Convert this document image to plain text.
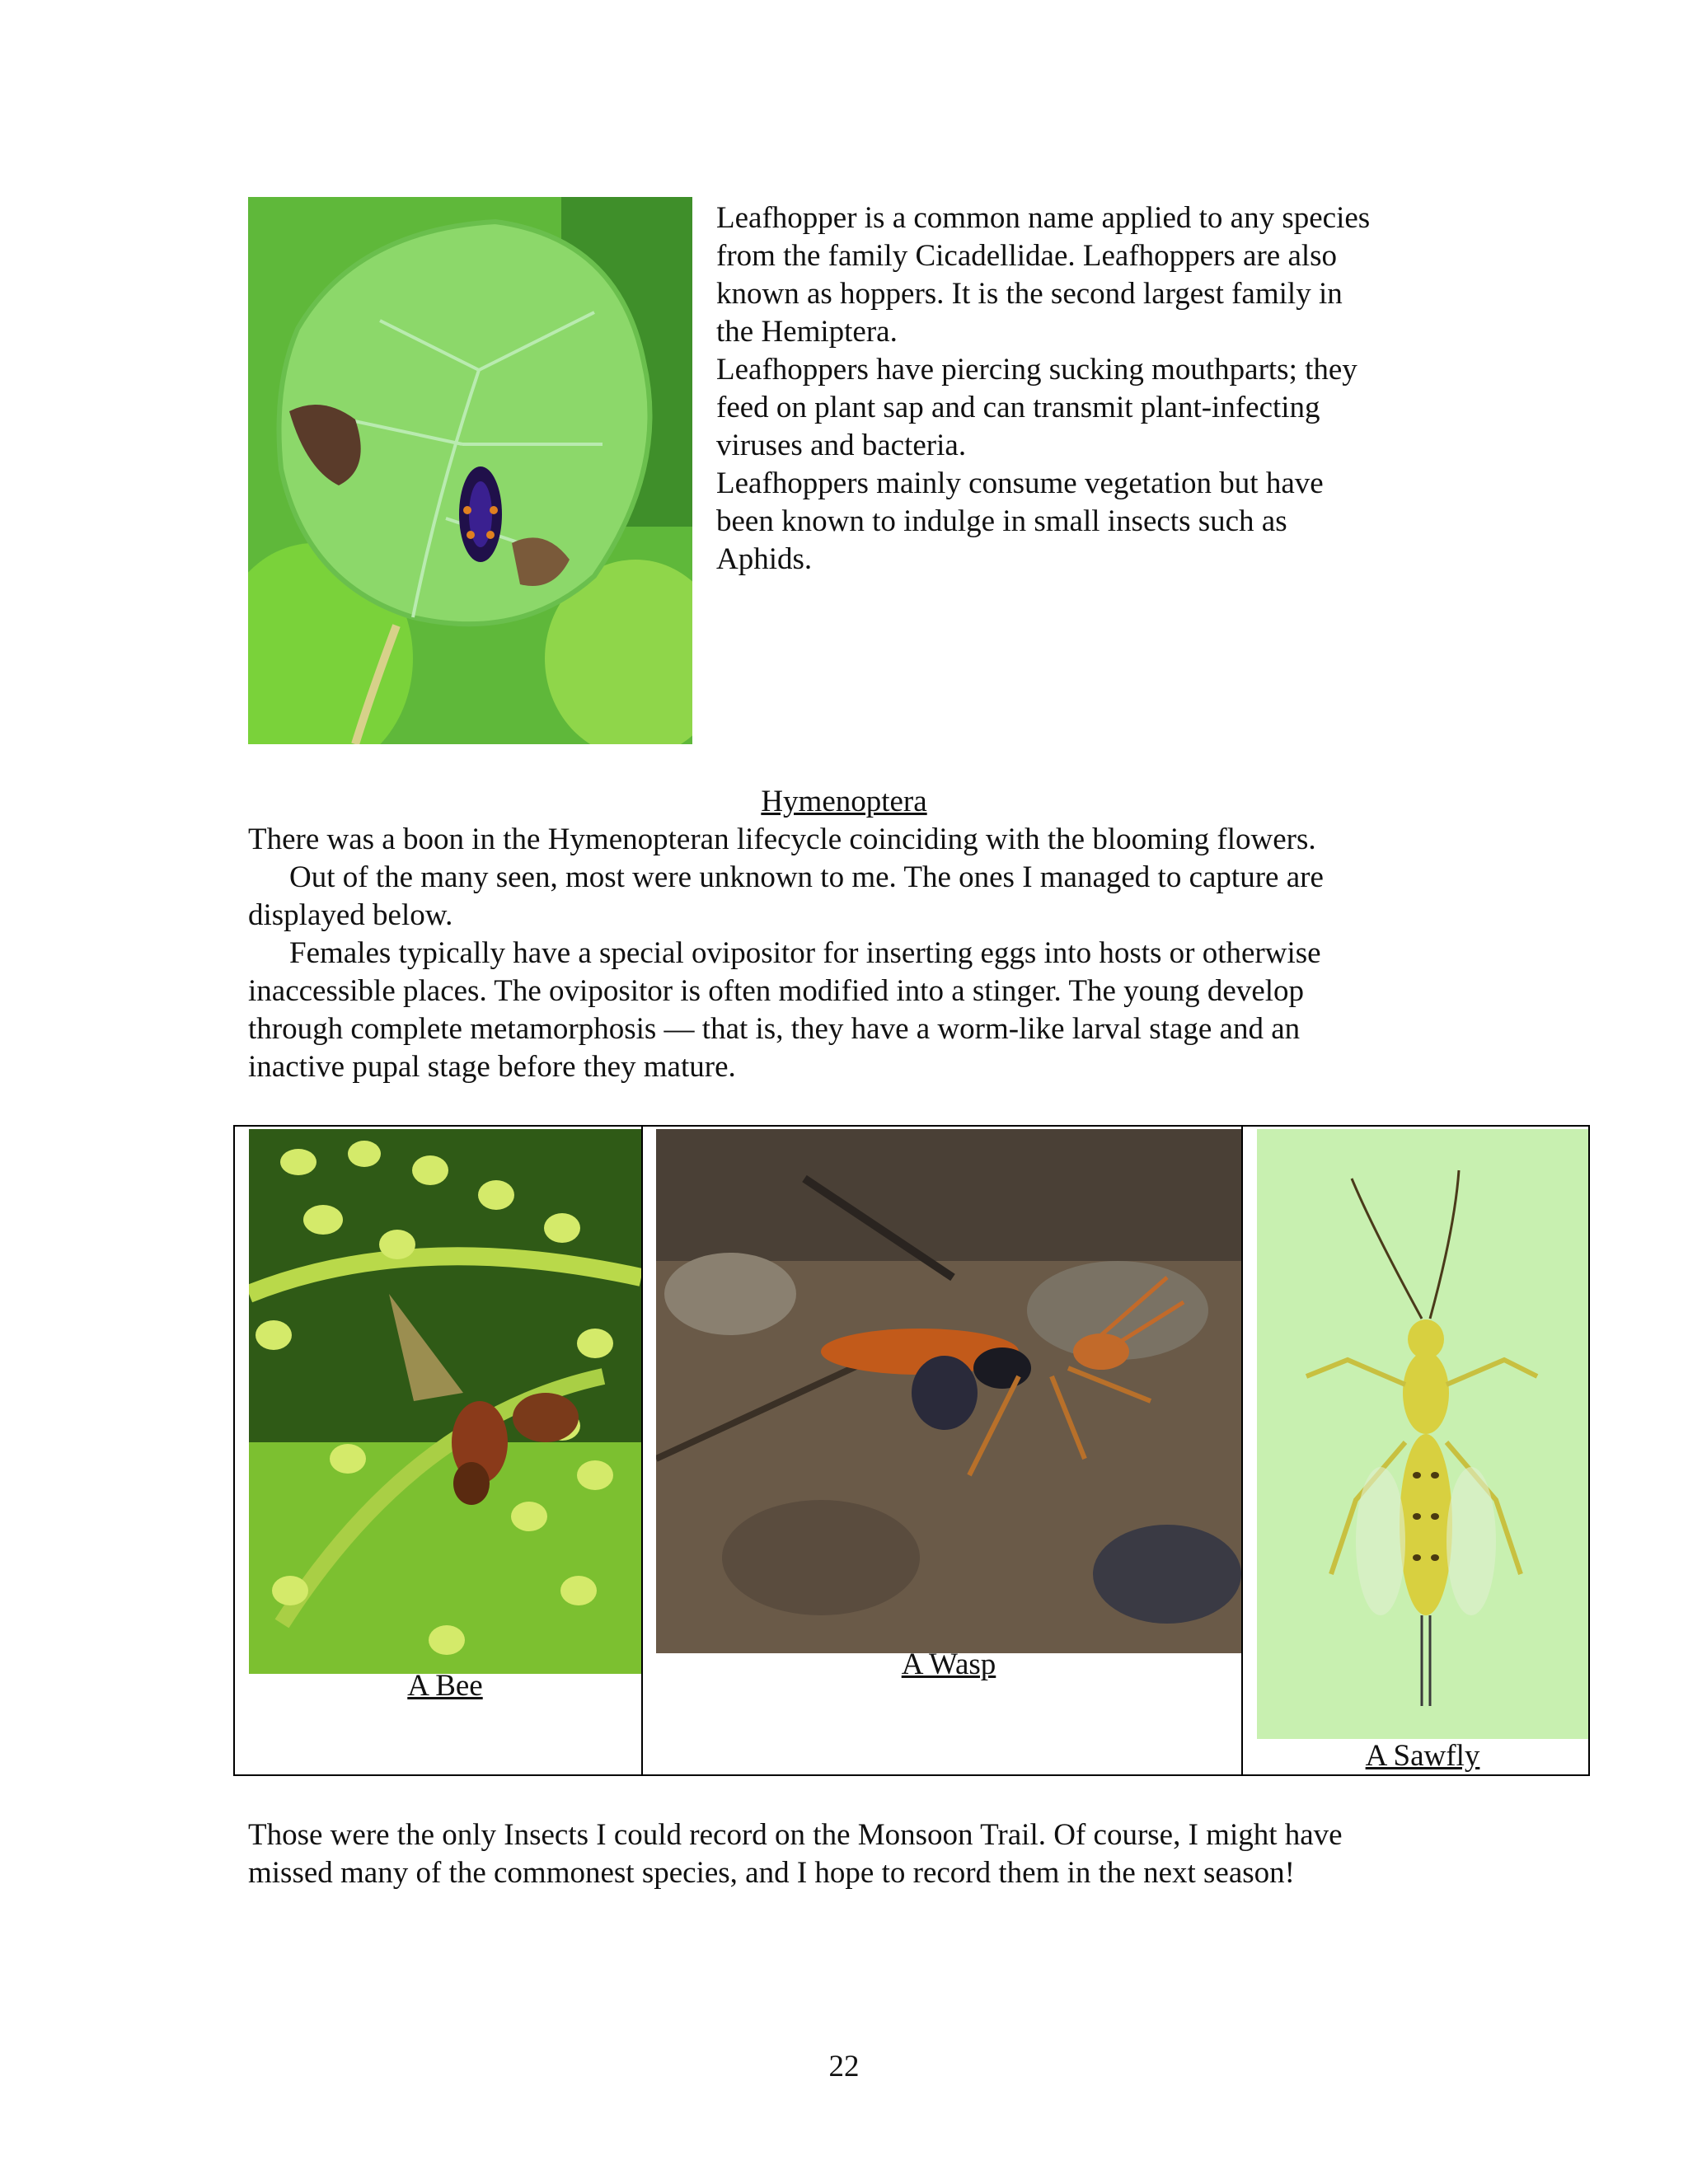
Leafhopper is a common name applied to any species

from the family Cicadellidae. Leafhoppers are also

known as hoppers. It is the second largest family in

the Hemiptera.

Leafhoppers have piercing sucking mouthparts; they

feed on plant sap and can transmit plant-infecting

viruses and bacteria.

Leafhoppers mainly consume vegetation but have

been known to indulge in small insects such as

Aphids.

Hymenoptera

There was a boon in the Hymenopteran lifecycle coinciding with the blooming flowers.

Out of the many seen, most were unknown to me. The ones I managed to capture are

displayed below.

Females typically have a special ovipositor for inserting eggs into hosts or otherwise

inaccessible places. The ovipositor is often modified into a stinger. The young develop

through complete metamorphosis — that is, they have a worm-like larval stage and an

inactive pupal stage before they mature.

A Bee
A Wasp
A Sawfly
Those were the only Insects I could record on the Monsoon Trail. Of course, I might have
missed many of the commonest species, and I hope to record them in the next season!
22
